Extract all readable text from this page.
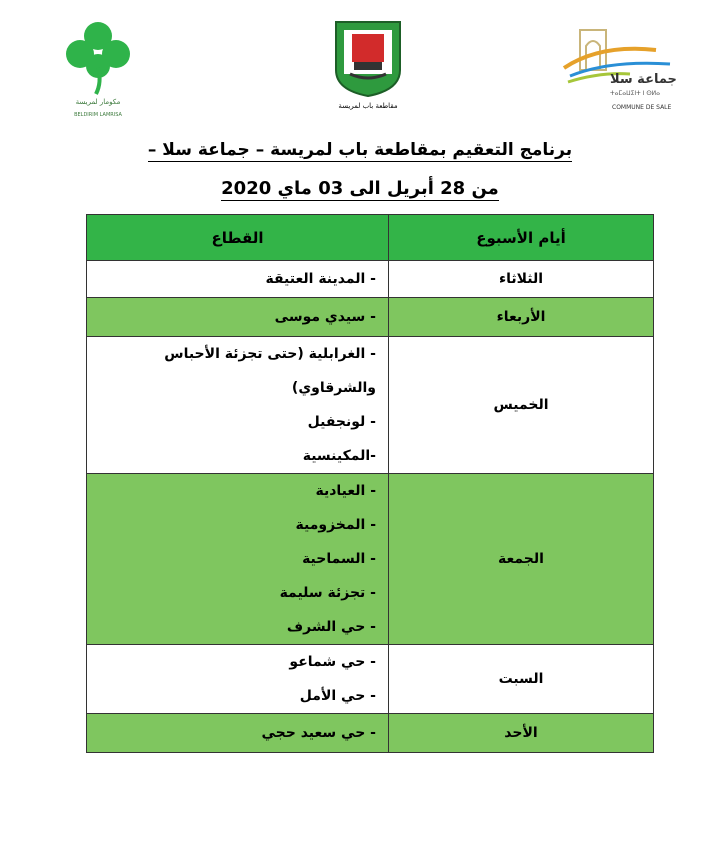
مكومار لمريسة
BELDIRIM LAMRISA
مقاطعة باب لمريسة
جماعة سلا
ⵜⴰⵎⴰⵡⵉⵏⵜ ⵏ ⵙⵍⴰ
COMMUNE DE SALE
برنامج التعقيم بمقاطعة باب لمريسة – جماعة سلا –
من 28 أبريل الى 03 ماي 2020
أيام الأسبوع	القطاع
الثلاثاء	- المدينة العتيقة

الأربعاء	- سيدي موسى

الخميس	- الغرابلية (حتى تجزئة الأحباس والشرقاوي)
- لونجفيل
-المكينسية

الجمعة	- العيادية
- المخزومية
- السماحية
- تجزئة سليمة
- حي الشرف

السبت	- حي شماعو
- حي الأمل

الأحد	- حي سعيد حجي
